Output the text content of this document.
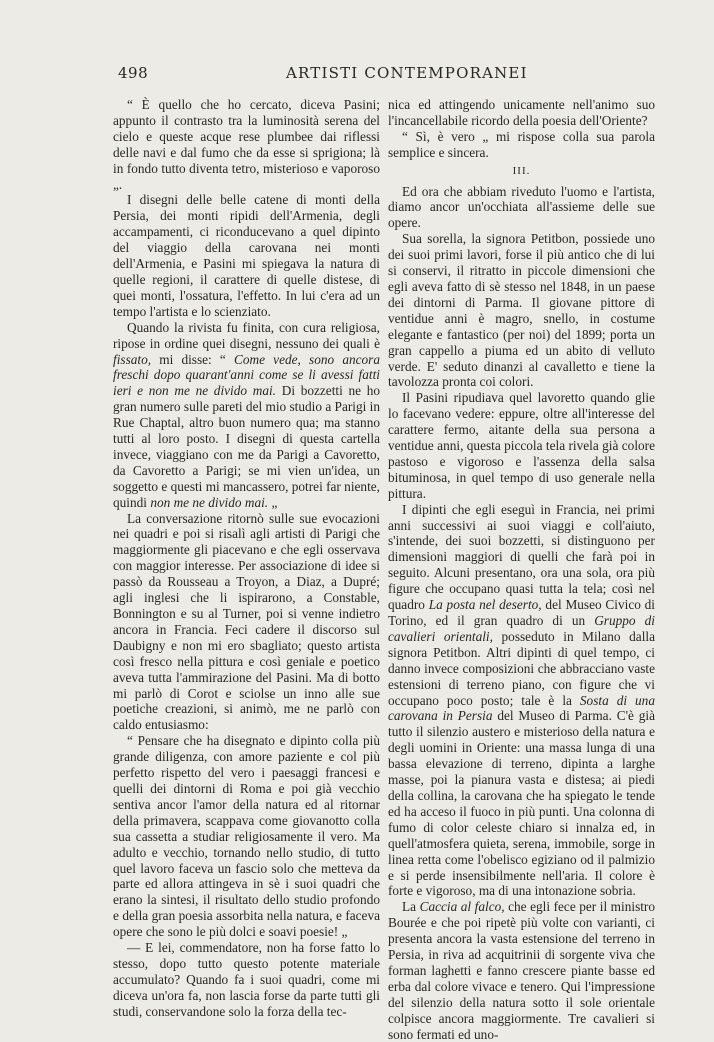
498	ARTISTI CONTEMPORANEI

“ È quello che ho cercato, diceva Pasini; appunto il contrasto tra la luminosità serena del cielo e queste acque rese plumbee dai riflessi delle navi e dal fumo che da esse si sprigiona; là in fondo tutto diventa tetro, misterioso e vaporoso „.

I disegni delle belle catene di monti della Persia, dei monti ripidi dell'Armenia, degli accampamenti, ci riconducevano a quel dipinto del viaggio della carovana nei monti dell'Armenia, e Pasini mi spiegava la natura di quelle regioni, il carattere di quelle distese, di quei monti, l'ossatura, l'effetto. In lui c'era ad un tempo l'artista e lo scienziato.

Quando la rivista fu finita, con cura religiosa, ripose in ordine quei disegni, nessuno dei quali è fissato, mi disse: “ Come vede, sono ancora freschi dopo quarant'anni come se li avessi fatti ieri e non me ne divido mai. Di bozzetti ne ho gran numero sulle pareti del mio studio a Parigi in Rue Chaptal, altro buon numero qua; ma stanno tutti al loro posto. I disegni di questa cartella invece, viaggiano con me da Parigi a Cavoretto, da Cavoretto a Parigi; se mi vien un'idea, un soggetto e questi mi mancassero, potrei far niente, quindi non me ne divido mai. „

La conversazione ritornò sulle sue evocazioni nei quadri e poi si risalì agli artisti di Parigi che maggiormente gli piacevano e che egli osservava con maggior interesse. Per associazione di idee si passò da Rousseau a Troyon, a Diaz, a Dupré; agli inglesi che li ispirarono, a Constable, Bonnington e su al Turner, poi si venne indietro ancora in Francia. Feci cadere il discorso sul Daubigny e non mi ero sbagliato; questo artista così fresco nella pittura e così geniale e poetico aveva tutta l'ammirazione del Pasini. Ma di botto mi parlò di Corot e sciolse un inno alle sue poetiche creazioni, si animò, me ne parlò con caldo entusiasmo:

“ Pensare che ha disegnato e dipinto colla più grande diligenza, con amore paziente e col più perfetto rispetto del vero i paesaggi francesi e quelli dei dintorni di Roma e poi già vecchio sentiva ancor l'amor della natura ed al ritornar della primavera, scappava come giovanotto colla sua cassetta a studiar religiosamente il vero. Ma adulto e vecchio, tornando nello studio, di tutto quel lavoro faceva un fascio solo che metteva da parte ed allora attingeva in sè i suoi quadri che erano la sintesi, il risultato dello studio profondo e della gran poesia assorbita nella natura, e faceva opere che sono le più dolci e soavi poesie! „

— E lei, commendatore, non ha forse fatto lo stesso, dopo tutto questo potente materiale accumulato? Quando fa i suoi quadri, come mi diceva un'ora fa, non lascia forse da parte tutti gli studi, conservandone solo la forza della tec-

nica ed attingendo unicamente nell'animo suo l'incancellabile ricordo della poesia dell'Oriente?

“ Sì, è vero „ mi rispose colla sua parola semplice e sincera.

III.

Ed ora che abbiam riveduto l'uomo e l'artista, diamo ancor un'occhiata all'assieme delle sue opere.

Sua sorella, la signora Petitbon, possiede uno dei suoi primi lavori, forse il più antico che di lui si conservi, il ritratto in piccole dimensioni che egli aveva fatto di sè stesso nel 1848, in un paese dei dintorni di Parma. Il giovane pittore di ventidue anni è magro, snello, in costume elegante e fantastico (per noi) del 1899; porta un gran cappello a piuma ed un abito di velluto verde. E' seduto dinanzi al cavalletto e tiene la tavolozza pronta coi colori.

Il Pasini ripudiava quel lavoretto quando glie lo facevano vedere: eppure, oltre all'interesse del carattere fermo, aitante della sua persona a ventidue anni, questa piccola tela rivela già colore pastoso e vigoroso e l'assenza della salsa bituminosa, in quel tempo di uso generale nella pittura.

I dipinti che egli eseguì in Francia, nei primi anni successivi ai suoi viaggi e coll'aiuto, s'intende, dei suoi bozzetti, si distinguono per dimensioni maggiori di quelli che farà poi in seguito. Alcuni presentano, ora una sola, ora più figure che occupano quasi tutta la tela; così nel quadro La posta nel deserto, del Museo Civico di Torino, ed il gran quadro di un Gruppo di cavalieri orientali, posseduto in Milano dalla signora Petitbon. Altri dipinti di quel tempo, ci danno invece composizioni che abbracciano vaste estensioni di terreno piano, con figure che vi occupano poco posto; tale è la Sosta di una carovana in Persia del Museo di Parma. C'è già tutto il silenzio austero e misterioso della natura e degli uomini in Oriente: una massa lunga di una bassa elevazione di terreno, dipinta a larghe masse, poi la pianura vasta e distesa; ai piedi della collina, la carovana che ha spiegato le tende ed ha acceso il fuoco in più punti. Una colonna di fumo di color celeste chiaro si innalza ed, in quell'atmosfera quieta, serena, immobile, sorge in linea retta come l'obelisco egiziano od il palmizio e si perde insensibilmente nell'aria. Il colore è forte e vigoroso, ma di una intonazione sobria.

La Caccia al falco, che egli fece per il ministro Bourée e che poi ripetè più volte con varianti, ci presenta ancora la vasta estensione del terreno in Persia, in riva ad acquitrinii di sorgente viva che forman laghetti e fanno crescere piante basse ed erba dal colore vivace e tenero. Qui l'impressione del silenzio della natura sotto il sole orientale colpisce ancora maggiormente. Tre cavalieri si sono fermati ed uno-
